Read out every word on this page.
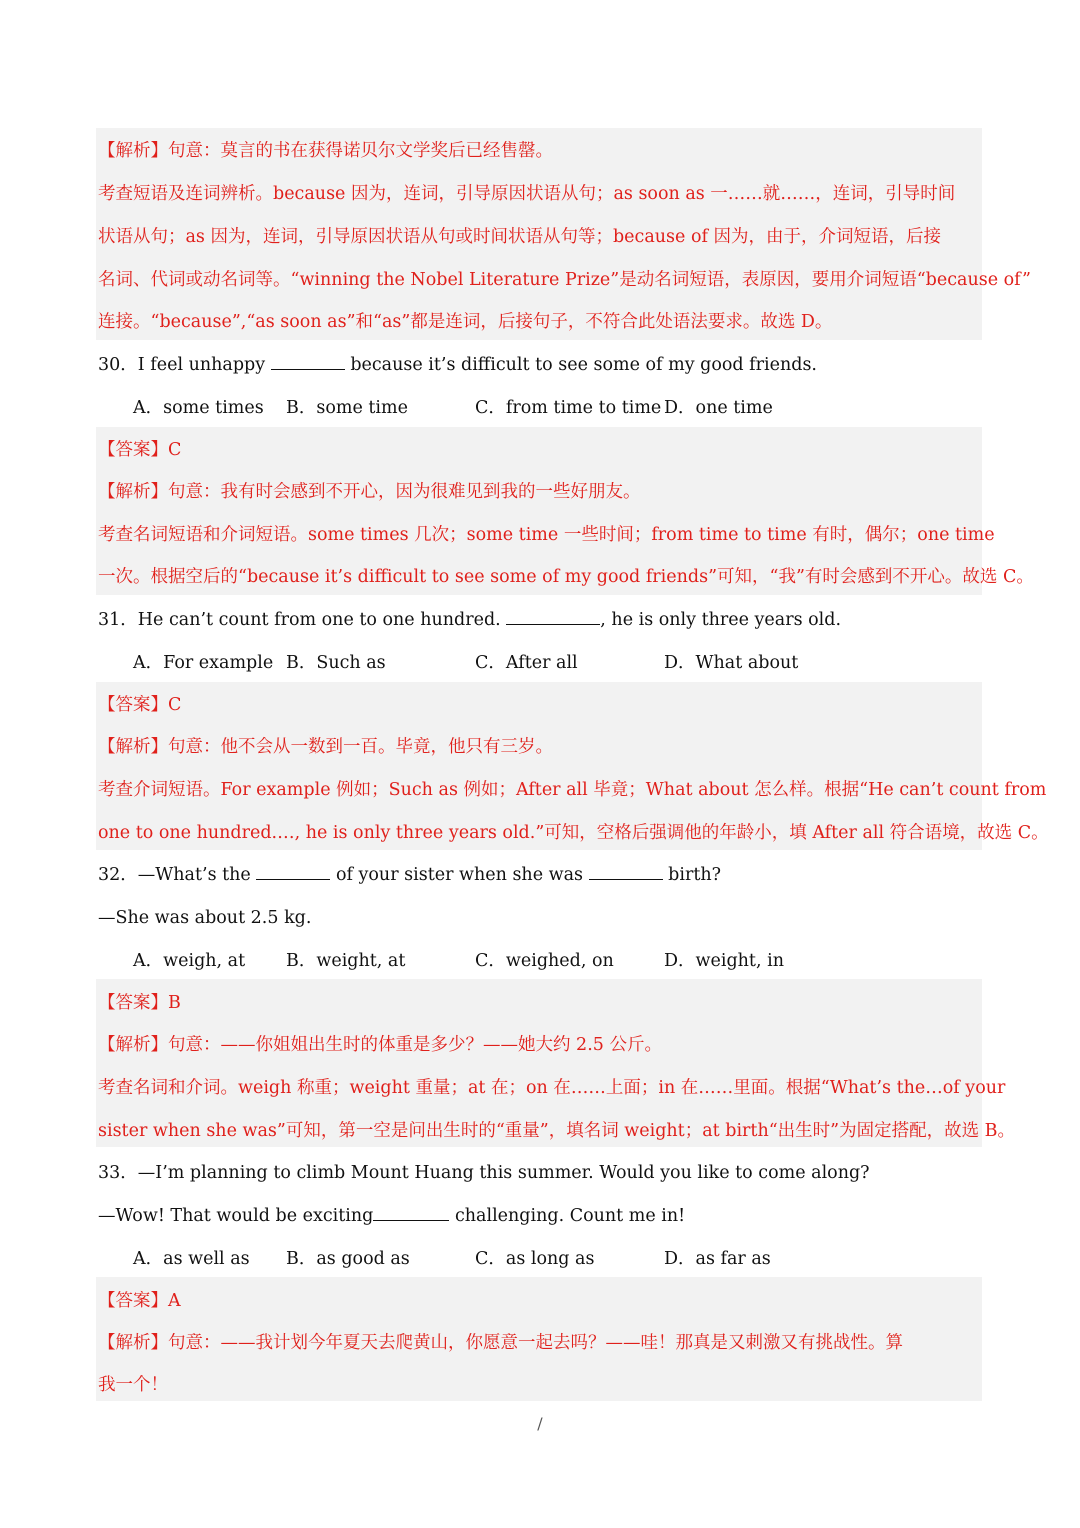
【解析】句意：莫言的书在获得诺贝尔文学奖后已经售罄。
考查短语及连词辨析。because 因为，连词，引导原因状语从句；as soon as 一……就……，连词，引导时间
状语从句；as 因为，连词，引导原因状语从句或时间状语从句等；because of 因为，由于，介词短语，后接
名词、代词或动名词等。“winning the Nobel Literature Prize”是动名词短语，表原因，要用介词短语“because of”
连接。“because”,“as soon as”和“as”都是连词，后接句子，不符合此处语法要求。故选 D。
30．I feel unhappy	because it’s difficult to see some of my good friends.
A．some times B．some time	C．from time to time D．one time
【答案】C
【解析】句意：我有时会感到不开心，因为很难见到我的一些好朋友。
考查名词短语和介词短语。some times 几次；some time 一些时间；from time to time 有时，偶尔；one time
一次。根据空后的“because it’s difficult to see some of my good friends”可知，“我”有时会感到不开心。故选 C。
31．He can’t count from one to one hundred.	, he is only three years old.
A．For example B．Such as	C．After all	D．What about
【答案】C
【解析】句意：他不会从一数到一百。毕竟，他只有三岁。
考查介词短语。For example 例如；Such as 例如；After all 毕竟；What about 怎么样。根据“He can’t count from
one to one hundred.…, he is only three years old.”可知，空格后强调他的年龄小，填 After all 符合语境，故选 C。
32．—What’s the	of your sister when she was	birth?
—She was about 2.5 kg.
A．weigh, at B．weight, at	C．weighed, on	D．weight, in
【答案】B
【解析】句意：——你姐姐出生时的体重是多少？——她大约 2.5 公斤。
考查名词和介词。weigh 称重；weight 重量；at 在；on 在……上面；in 在……里面。根据“What’s the…of your
sister when she was”可知，第一空是问出生时的“重量”，填名词 weight；at birth“出生时”为固定搭配，故选 B。
33．—I’m planning to climb Mount Huang this summer. Would you like to come along?
—Wow! That would be exciting	challenging. Count me in!
A．as well as B．as good as	C．as long as	D．as far as
【答案】A
【解析】句意：——我计划今年夏天去爬黄山，你愿意一起去吗？——哇！那真是又刺激又有挑战性。算
我一个！
/
